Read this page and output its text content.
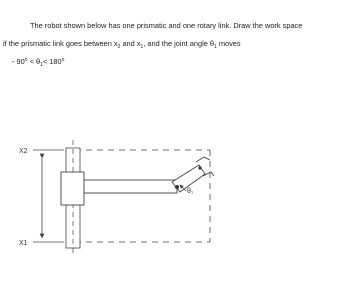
The robot shown below has one prismatic and one rotary link. Draw the work space
if the prismatic link goes between $x_2$ and $x_1$, and the joint angle $\theta_1$ moves
- $90^o < \theta_1< 180^o$
X2
X1
θ₁
